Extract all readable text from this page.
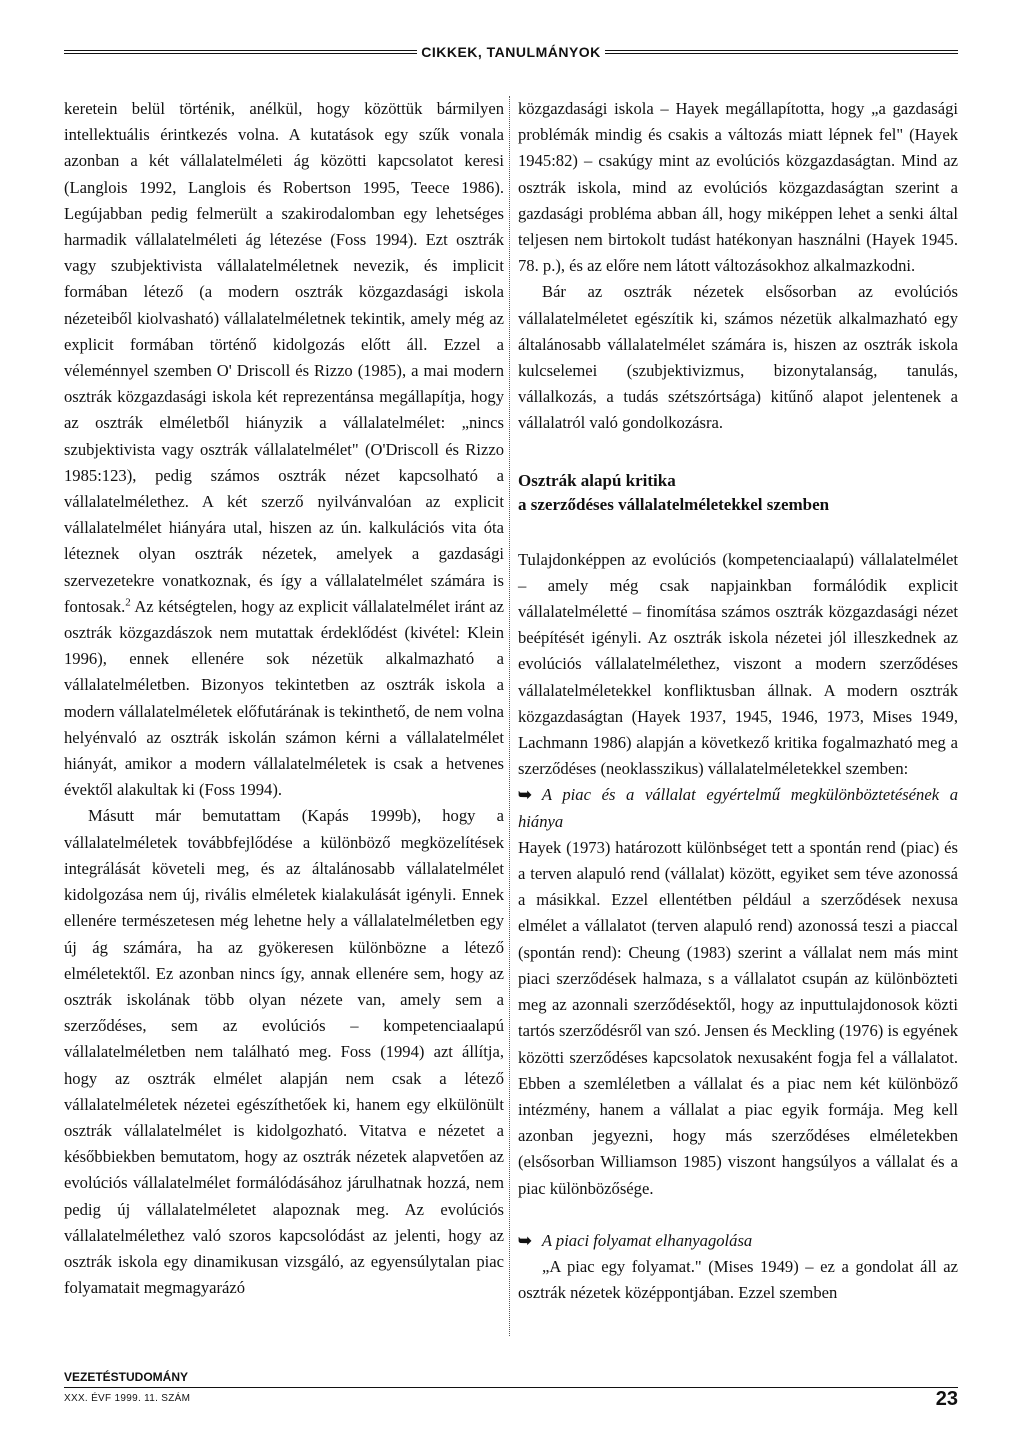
CIKKEK, TANULMÁNYOK

keretein belül történik, anélkül, hogy közöttük bármilyen intellektuális érintkezés volna. A kutatások egy szűk vonala azonban a két vállalatelméleti ág közötti kapcsolatot keresi (Langlois 1992, Langlois és Robertson 1995, Teece 1986). Legújabban pedig felmerült a szakirodalomban egy lehetséges harmadik vállalatelméleti ág létezése (Foss 1994). Ezt osztrák vagy szubjektivista vállalatelméletnek nevezik, és implicit formában létező (a modern osztrák közgazdasági iskola nézeteiből kiolvasható) vállalatelméletnek tekintik, amely még az explicit formában történő kidolgozás előtt áll. Ezzel a véleménnyel szemben O' Driscoll és Rizzo (1985), a mai modern osztrák közgazdasági iskola két reprezentánsa megállapítja, hogy az osztrák elméletből hiányzik a vállalatelmélet: „nincs szubjektivista vagy osztrák vállalatelmélet" (O'Driscoll és Rizzo 1985:123), pedig számos osztrák nézet kapcsolható a vállalatelmélethez. A két szerző nyilvánvalóan az explicit vállalatelmélet hiányára utal, hiszen az ún. kalkulációs vita óta léteznek olyan osztrák nézetek, amelyek a gazdasági szervezetekre vonatkoznak, és így a vállalatelmélet számára is fontosak.$^2$ Az kétségtelen, hogy az explicit vállalatelmélet iránt az osztrák közgazdászok nem mutattak érdeklődést (kivétel: Klein 1996), ennek ellenére sok nézetük alkalmazható a vállalatelméletben. Bizonyos tekintetben az osztrák iskola a modern vállalatelméletek előfutárának is tekinthető, de nem volna helyénvaló az osztrák iskolán számon kérni a vállalatelmélet hiányát, amikor a modern vállalatelméletek is csak a hetvenes évektől alakultak ki (Foss 1994).

Másutt már bemutattam (Kapás 1999b), hogy a vállalatelméletek továbbfejlődése a különböző megközelítések integrálását követeli meg, és az általánosabb vállalatelmélet kidolgozása nem új, rivális elméletek kialakulását igényli. Ennek ellenére természetesen még lehetne hely a vállalatelméletben egy új ág számára, ha az gyökeresen különbözne a létező elméletektől. Ez azonban nincs így, annak ellenére sem, hogy az osztrák iskolának több olyan nézete van, amely sem a szerződéses, sem az evolúciós – kompetenciaalapú vállalatelméletben nem található meg. Foss (1994) azt állítja, hogy az osztrák elmélet alapján nem csak a létező vállalatelméletek nézetei egészíthetőek ki, hanem egy elkülönült osztrák vállalatelmélet is kidolgozható. Vitatva e nézetet a későbbiekben bemutatom, hogy az osztrák nézetek alapvetően az evolúciós vállalatelmélet formálódásához járulhatnak hozzá, nem pedig új vállalatelméletet alapoznak meg. Az evolúciós vállalatelmélethez való szoros kapcsolódást az jelenti, hogy az osztrák iskola egy dinamikusan vizsgáló, az egyensúlytalan piac folyamatait megmagyarázó

közgazdasági iskola – Hayek megállapította, hogy „a gazdasági problémák mindig és csakis a változás miatt lépnek fel" (Hayek 1945:82) – csakúgy mint az evolúciós közgazdaságtan. Mind az osztrák iskola, mind az evolúciós közgazdaságtan szerint a gazdasági probléma abban áll, hogy miképpen lehet a senki által teljesen nem birtokolt tudást hatékonyan használni (Hayek 1945. 78. p.), és az előre nem látott változásokhoz alkalmazkodni.

Bár az osztrák nézetek elsősorban az evolúciós vállalatelméletet egészítik ki, számos nézetük alkalmazható egy általánosabb vállalatelmélet számára is, hiszen az osztrák iskola kulcselemei (szubjektivizmus, bizonytalanság, tanulás, vállalkozás, a tudás szétszórtsága) kitűnő alapot jelentenek a vállalatról való gondolkozásra.

Osztrák alapú kritika
a szerződéses vállalatelméletekkel szemben

Tulajdonképpen az evolúciós (kompetenciaalapú) vállalatelmélet – amely még csak napjainkban formálódik explicit vállalatelméletté – finomítása számos osztrák közgazdasági nézet beépítését igényli. Az osztrák iskola nézetei jól illeszkednek az evolúciós vállalatelmélethez, viszont a modern szerződéses vállalatelméletekkel konfliktusban állnak. A modern osztrák közgazdaságtan (Hayek 1937, 1945, 1946, 1973, Mises 1949, Lachmann 1986) alapján a következő kritika fogalmazható meg a szerződéses (neoklasszikus) vállalatelméletekkel szemben:

➥ A piac és a vállalat egyértelmű megkülönböztetésének a hiánya

Hayek (1973) határozott különbséget tett a spontán rend (piac) és a terven alapuló rend (vállalat) között, egyiket sem téve azonossá a másikkal. Ezzel ellentétben például a szerződések nexusa elmélet a vállalatot (terven alapuló rend) azonossá teszi a piaccal (spontán rend): Cheung (1983) szerint a vállalat nem más mint piaci szerződések halmaza, s a vállalatot csupán az különbözteti meg az azonnali szerződésektől, hogy az inputtulajdonosok közti tartós szerződésről van szó. Jensen és Meckling (1976) is egyének közötti szerződéses kapcsolatok nexusaként fogja fel a vállalatot. Ebben a szemléletben a vállalat és a piac nem két különböző intézmény, hanem a vállalat a piac egyik formája. Meg kell azonban jegyezni, hogy más szerződéses elméletekben (elsősorban Williamson 1985) viszont hangsúlyos a vállalat és a piac különbözősége.

➥ A piaci folyamat elhanyagolása

„A piac egy folyamat." (Mises 1949) – ez a gondolat áll az osztrák nézetek középpontjában. Ezzel szemben

VEZETÉSTUDOMÁNY
XXX. ÉVF 1999. 11. SZÁM	23
